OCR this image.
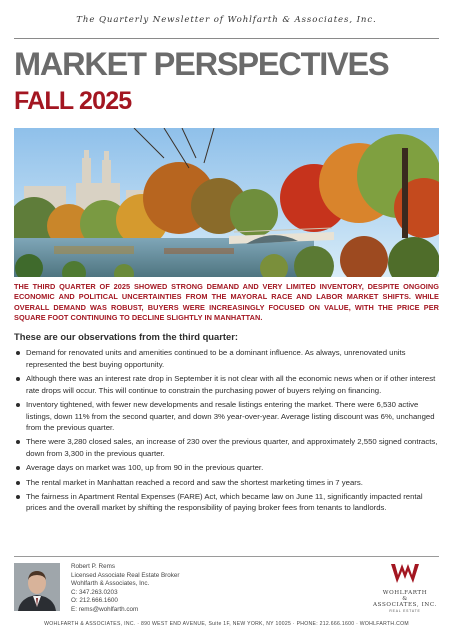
The Quarterly Newsletter of Wohlfarth & Associates, Inc.
MARKET PERSPECTIVES
FALL 2025

THE THIRD QUARTER OF 2025 SHOWED STRONG DEMAND AND VERY LIMITED INVENTORY, DESPITE ONGOING ECONOMIC AND POLITICAL UNCERTAINTIES FROM THE MAYORAL RACE AND LABOR MARKET SHIFTS. WHILE OVERALL DEMAND WAS ROBUST, BUYERS WERE INCREASINGLY FOCUSED ON VALUE, WITH THE PRICE PER SQUARE FOOT CONTINUING TO DECLINE SLIGHTLY IN MANHATTAN.

These are our observations from the third quarter:
Demand for renovated units and amenities continued to be a dominant influence. As always, unrenovated units represented the best buying opportunity.
Although there was an interest rate drop in September it is not clear with all the economic news when or if other interest rate drops will occur. This will continue to constrain the purchasing power of buyers relying on financing.
Inventory tightened, with fewer new developments and resale listings entering the market. There were 6,530 active listings, down 11% from the second quarter, and down 3% year-over-year. Average listing discount was 6%, unchanged from the previous quarter.
There were 3,280 closed sales, an increase of 230 over the previous quarter, and approximately 2,550 signed contracts, down from 3,300 in the previous quarter.
Average days on market was 100, up from 90 in the previous quarter.
The rental market in Manhattan reached a record and saw the shortest marketing times in 7 years.
The fairness in Apartment Rental Expenses (FARE) Act, which became law on June 11, significantly impacted rental prices and the overall market by shifting the responsibility of paying broker fees from tenants to landlords.
Robert P. Rems
Licensed Associate Real Estate Broker
Wohlfarth & Associates, Inc.
C: 347.263.0203
O: 212.666.1600
E: rems@wohlfarth.com
WOHLFARTH
&
ASSOCIATES, INC.
REAL ESTATE
WOHLFARTH & ASSOCIATES, INC. · 890 WEST END AVENUE, Suite 1F, NEW YORK, NY 10025 · PHONE: 212.666.1600 · WOHLFARTH.COM
